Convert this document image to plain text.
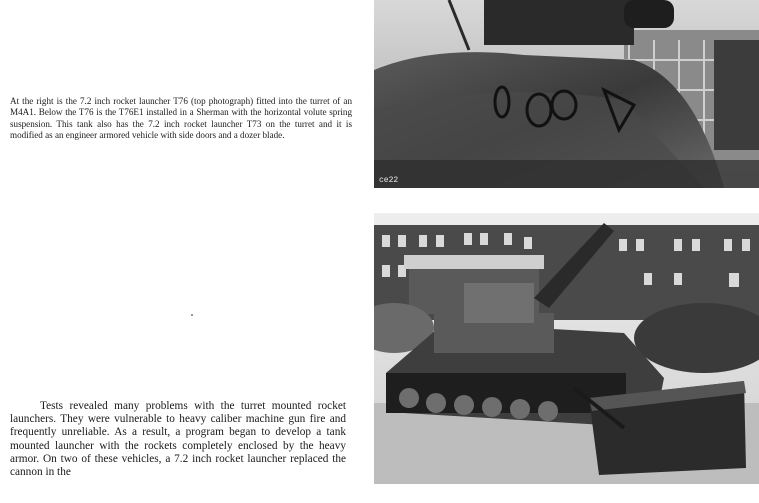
At the right is the 7.2 inch rocket launcher T76 (top photograph) fitted into the turret of an M4A1. Below the T76 is the T76E1 installed in a Sherman with the horizontal volute spring suspension. This tank also has the 7.2 inch rocket launcher T73 on the turret and it is modified as an engineer armored vehicle with side doors and a dozer blade.

Tests revealed many problems with the turret mounted rocket launchers. They were vulnerable to heavy caliber machine gun fire and frequently unreliable. As a result, a program began to develop a tank mounted launcher with the rockets completely enclosed by the heavy armor. On two of these vehicles, a 7.2 inch rocket launcher replaced the cannon in the

ce22
